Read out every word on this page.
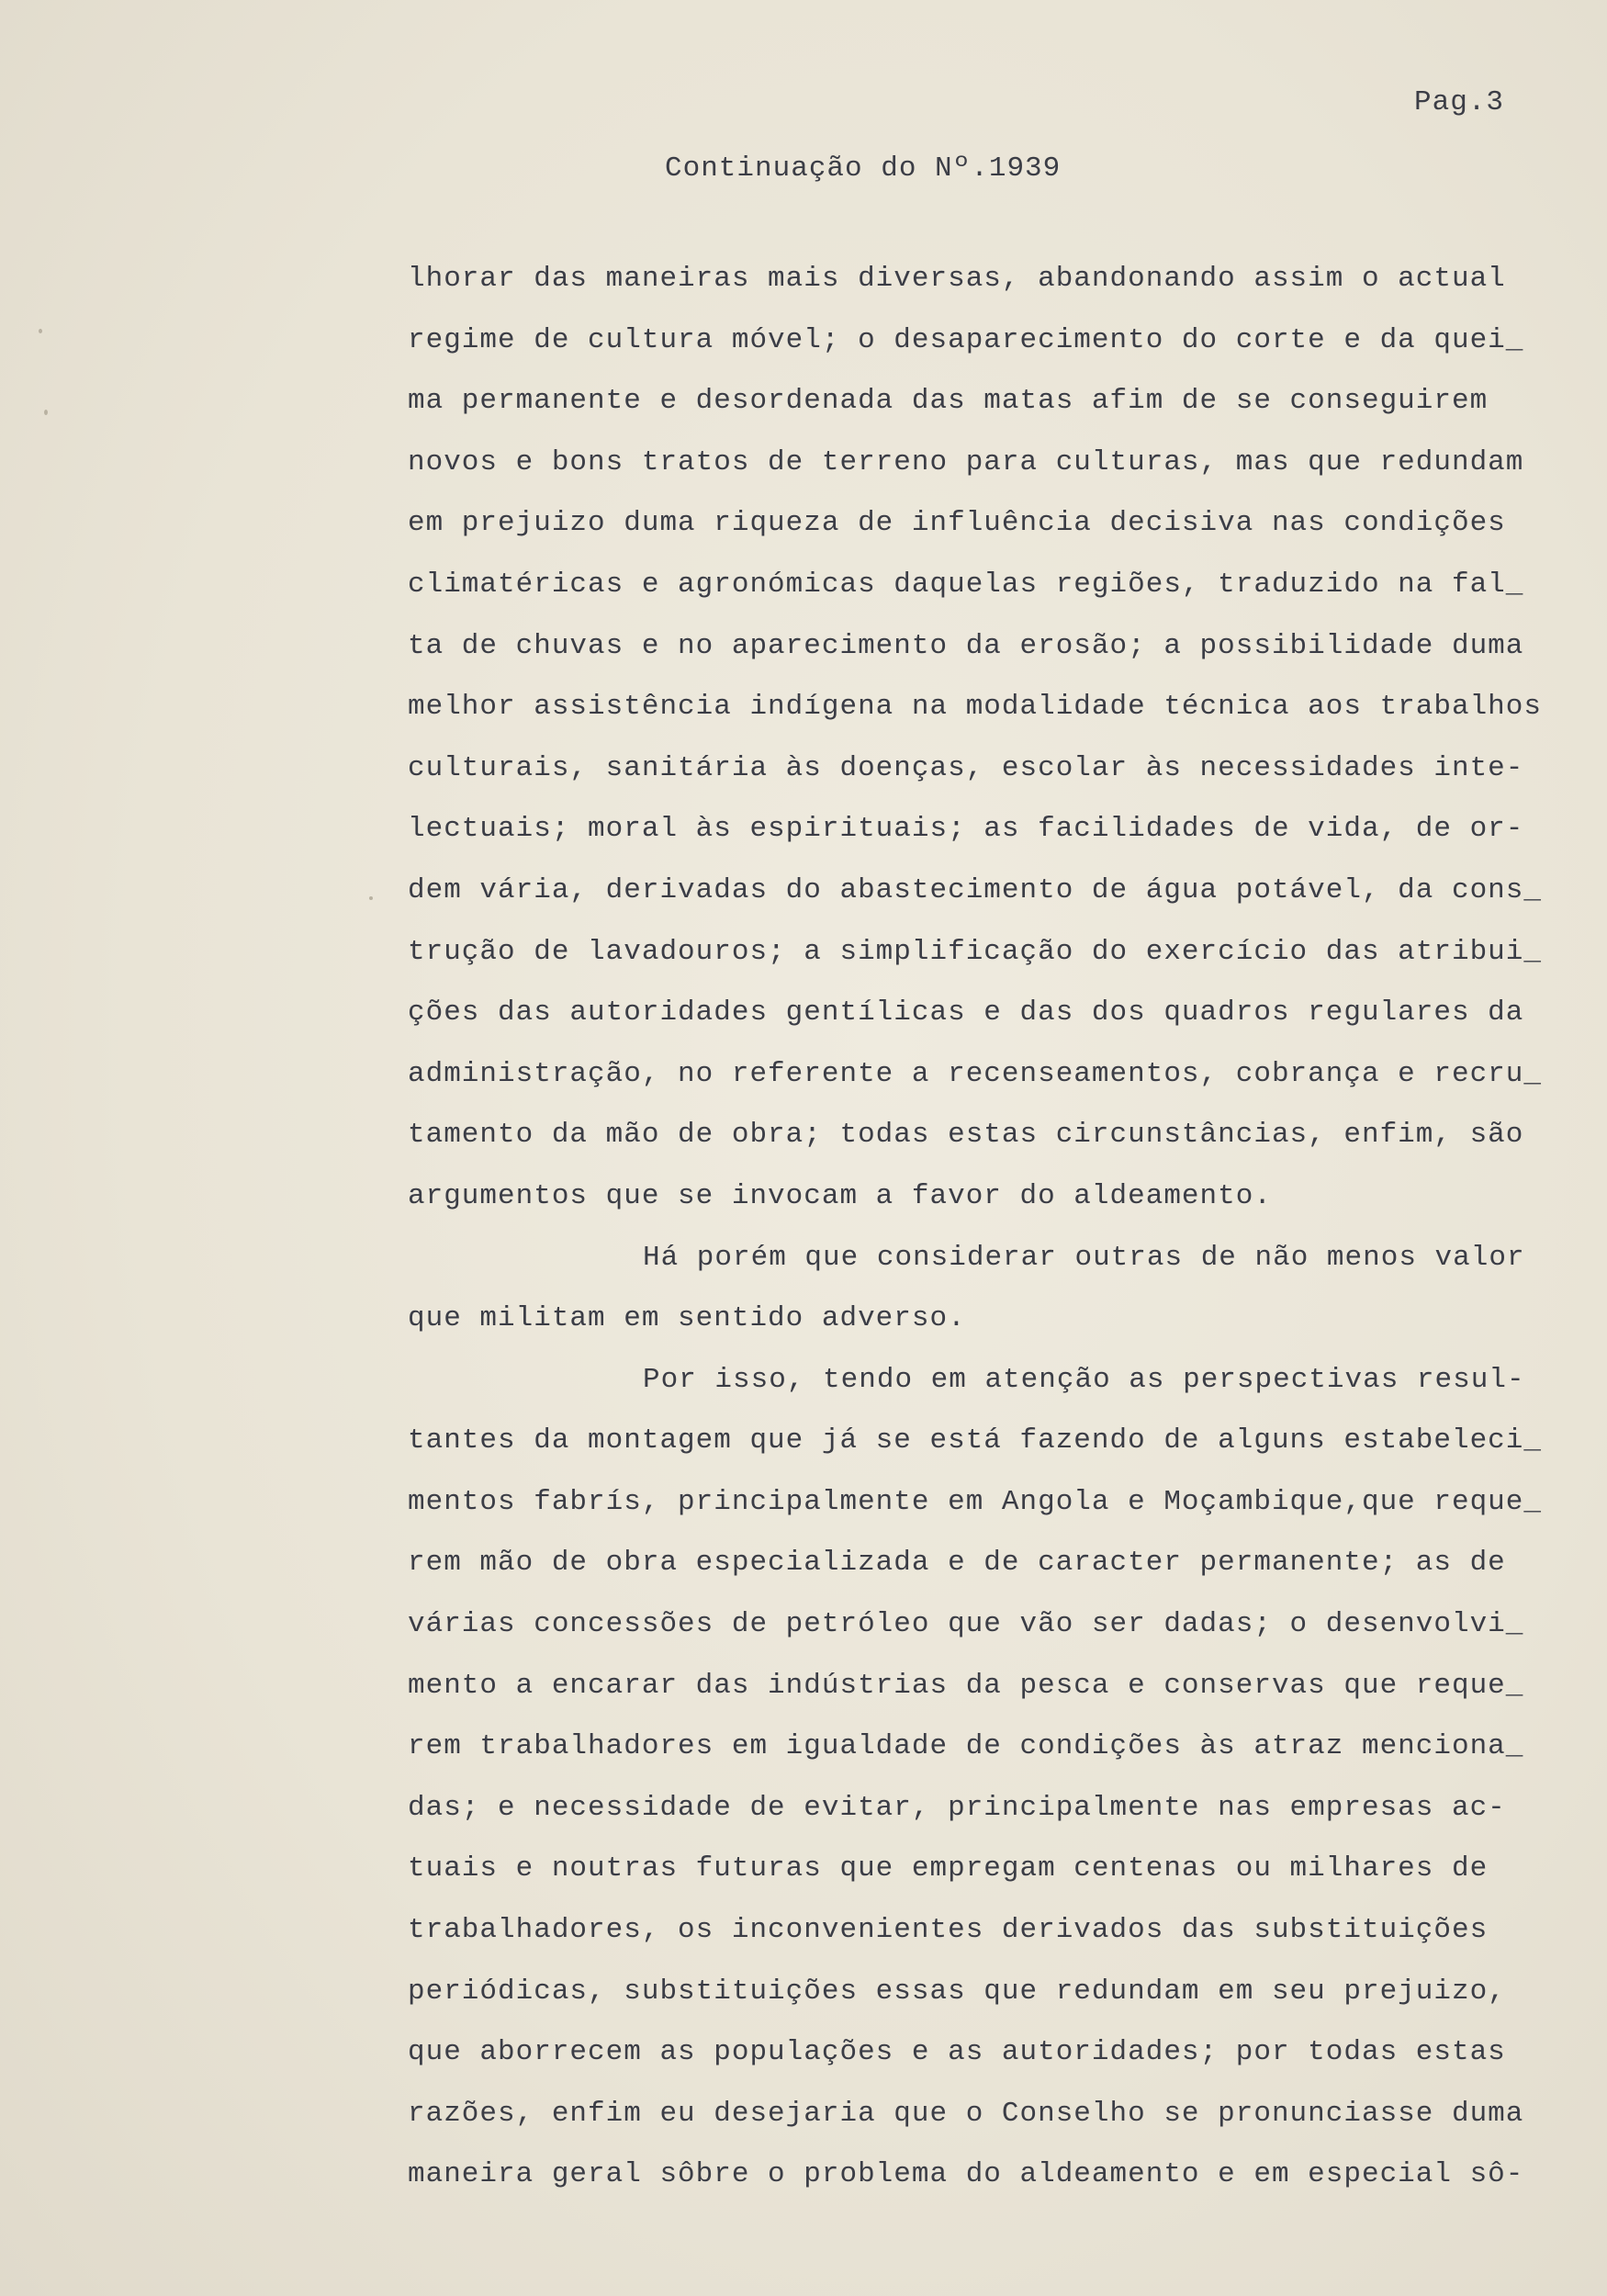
Pag.3
Continuação do Nº.1939
lhorar das maneiras mais diversas, abandonando assim o actual
regime de cultura móvel; o desaparecimento do corte e da quei_
ma permanente e desordenada das matas afim de se conseguirem
novos e bons tratos de terreno para culturas, mas que redundam
em prejuizo duma riqueza de influência decisiva nas condições
climatéricas e agronómicas daquelas regiões, traduzido na fal_
ta de chuvas e no aparecimento da erosão; a possibilidade duma
melhor assistência indígena na modalidade técnica aos trabalhos
culturais, sanitária às doenças, escolar às necessidades inte-
lectuais; moral às espirituais; as facilidades de vida, de or-
dem vária, derivadas do abastecimento de água potável, da cons_
trução de lavadouros; a simplificação do exercício das atribui_
ções das autoridades gentílicas e das dos quadros regulares da
administração, no referente a recenseamentos, cobrança e recru_
tamento da mão de obra; todas estas circunstâncias, enfim, são
argumentos que se invocam a favor do aldeamento.
Há porém que considerar outras de não menos valor
que militam em sentido adverso.
Por isso, tendo em atenção as perspectivas resul-
tantes da montagem que já se está fazendo de alguns estabeleci_
mentos fabrís, principalmente em Angola e Moçambique,que reque_
rem mão de obra especializada e de caracter permanente; as de
várias concessões de petróleo que vão ser dadas; o desenvolvi_
mento a encarar das indústrias da pesca e conservas que reque_
rem trabalhadores em igualdade de condições às atraz menciona_
das; e necessidade de evitar, principalmente nas empresas ac-
tuais e noutras futuras que empregam centenas ou milhares de
trabalhadores, os inconvenientes derivados das substituições
periódicas, substituições essas que redundam em seu prejuizo,
que aborrecem as populações e as autoridades; por todas estas
razões, enfim eu desejaria que o Conselho se pronunciasse duma
maneira geral sôbre o problema do aldeamento e em especial sô-
